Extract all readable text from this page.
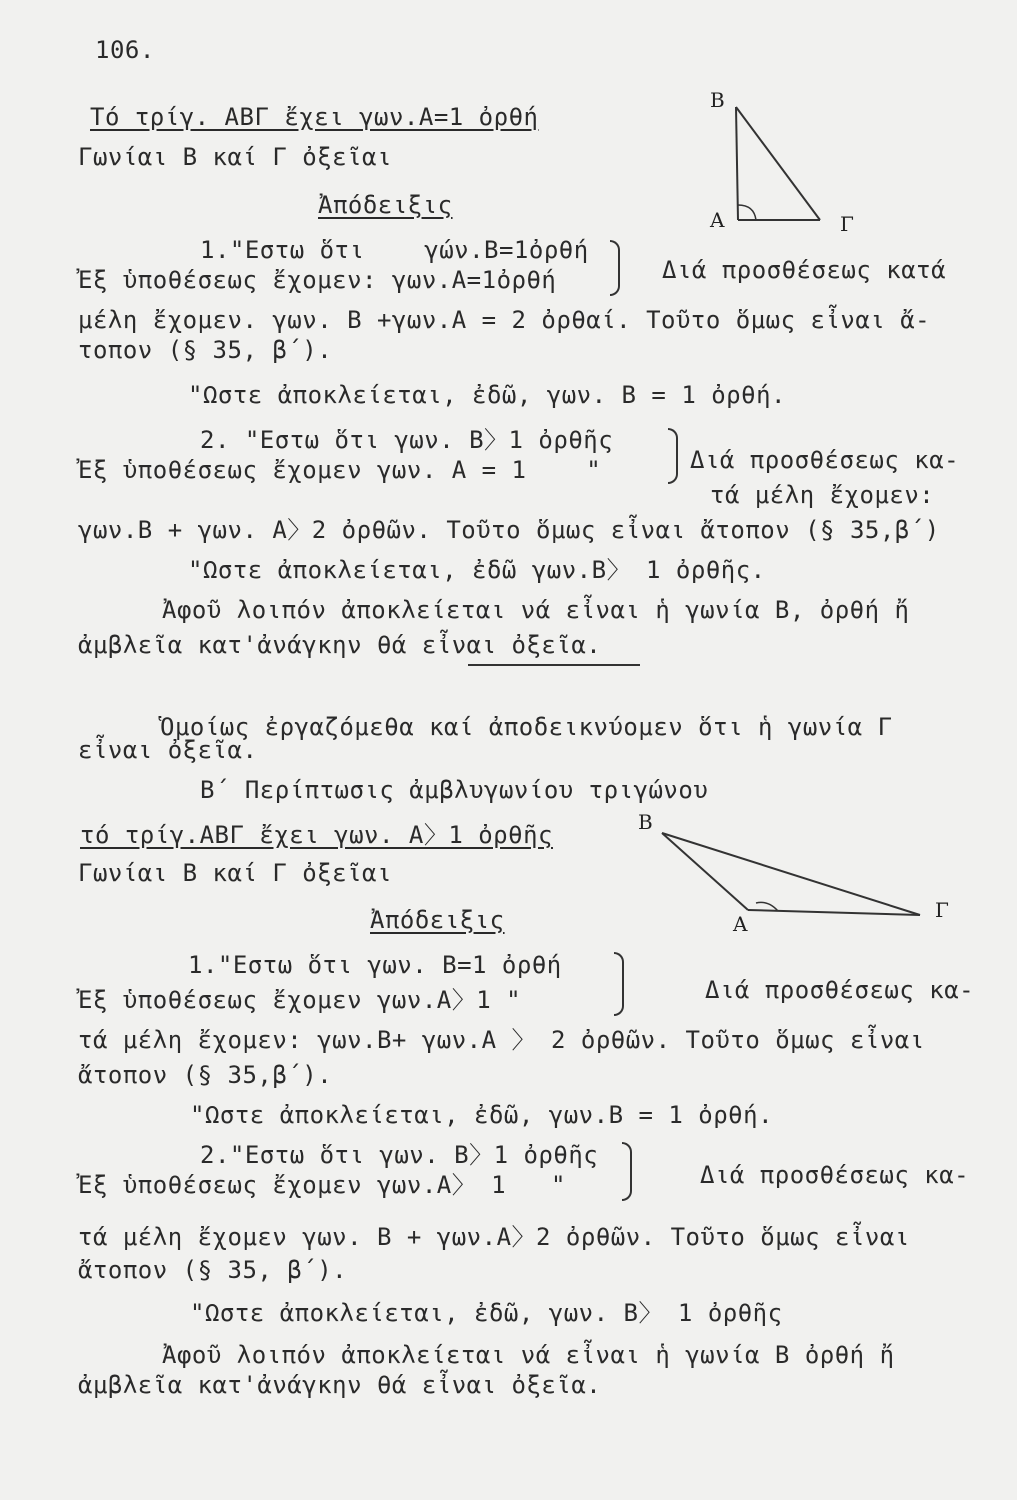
106.
Τό τρίγ. ΑΒΓ ἔχει γων.Α=1 ὀρθή
Γωνίαι Β καί Γ ὀξεῖαι
Ἀπόδειξις
B
A	Γ
1."Εστω ὅτι    γών.Β=1ὀρθή
Ἐξ ὑποθέσεως ἔχομεν: γων.Α=1ὀρθή	Διά προσθέσεως κατά
μέλη ἔχομεν. γων. Β +γων.Α = 2 ὀρθαί. Τοῦτο ὅμως εἶναι ἄ-
τοπον (§ 35, β΄).
"Ωστε ἀποκλείεται, ἐδῶ, γων. Β = 1 ὀρθή.
2. "Εστω ὅτι γων. Β〉1 ὀρθῆς
Ἐξ ὑποθέσεως ἔχομεν γων. Α = 1    "	Διά προσθέσεως κα-
τά μέλη ἔχομεν:
γων.Β + γων. Α〉2 ὀρθῶν. Τοῦτο ὅμως εἶναι ἄτοπον (§ 35,β΄)
"Ωστε ἀποκλείεται, ἐδῶ γων.Β〉 1 ὀρθῆς.
Ἀφοῦ λοιπόν ἀποκλείεται νά εἶναι ἡ γωνία Β, ὀρθή ἤ
ἀμβλεῖα κατ'ἀνάγκην θά εἶναι ὀξεῖα.
Ὁμοίως ἐργαζόμεθα καί ἀποδεικνύομεν ὅτι ἡ γωνία Γ
εἶναι ὀξεῖα.
Β΄ Περίπτωσις ἀμβλυγωνίου τριγώνου
τό τρίγ.ΑΒΓ ἔχει γων. Α〉1 ὀρθῆς
Γωνίαι Β καί Γ ὀξεῖαι
B
A
Γ
Ἀπόδειξις
1."Εστω ὅτι γων. Β=1 ὀρθή
Ἐξ ὑποθέσεως ἔχομεν γων.Α〉1 "	Διά προσθέσεως κα-
τά μέλη ἔχομεν: γων.Β+ γων.Α 〉 2 ὀρθῶν. Τοῦτο ὅμως εἶναι
ἄτοπον (§ 35,β΄).
"Ωστε ἀποκλείεται, ἐδῶ, γων.Β = 1 ὀρθή.
2."Εστω ὅτι γων. Β〉1 ὀρθῆς
Ἐξ ὑποθέσεως ἔχομεν γων.Α〉 1   "	Διά προσθέσεως κα-
τά μέλη ἔχομεν γων. Β + γων.Α〉2 ὀρθῶν. Τοῦτο ὅμως εἶναι
ἄτοπον (§ 35, β΄).
"Ωστε ἀποκλείεται, ἐδῶ, γων. Β〉 1 ὀρθῆς
Ἀφοῦ λοιπόν ἀποκλείεται νά εἶναι ἡ γωνία Β ὀρθή ἤ
ἀμβλεῖα κατ'ἀνάγκην θά εἶναι ὀξεῖα.
